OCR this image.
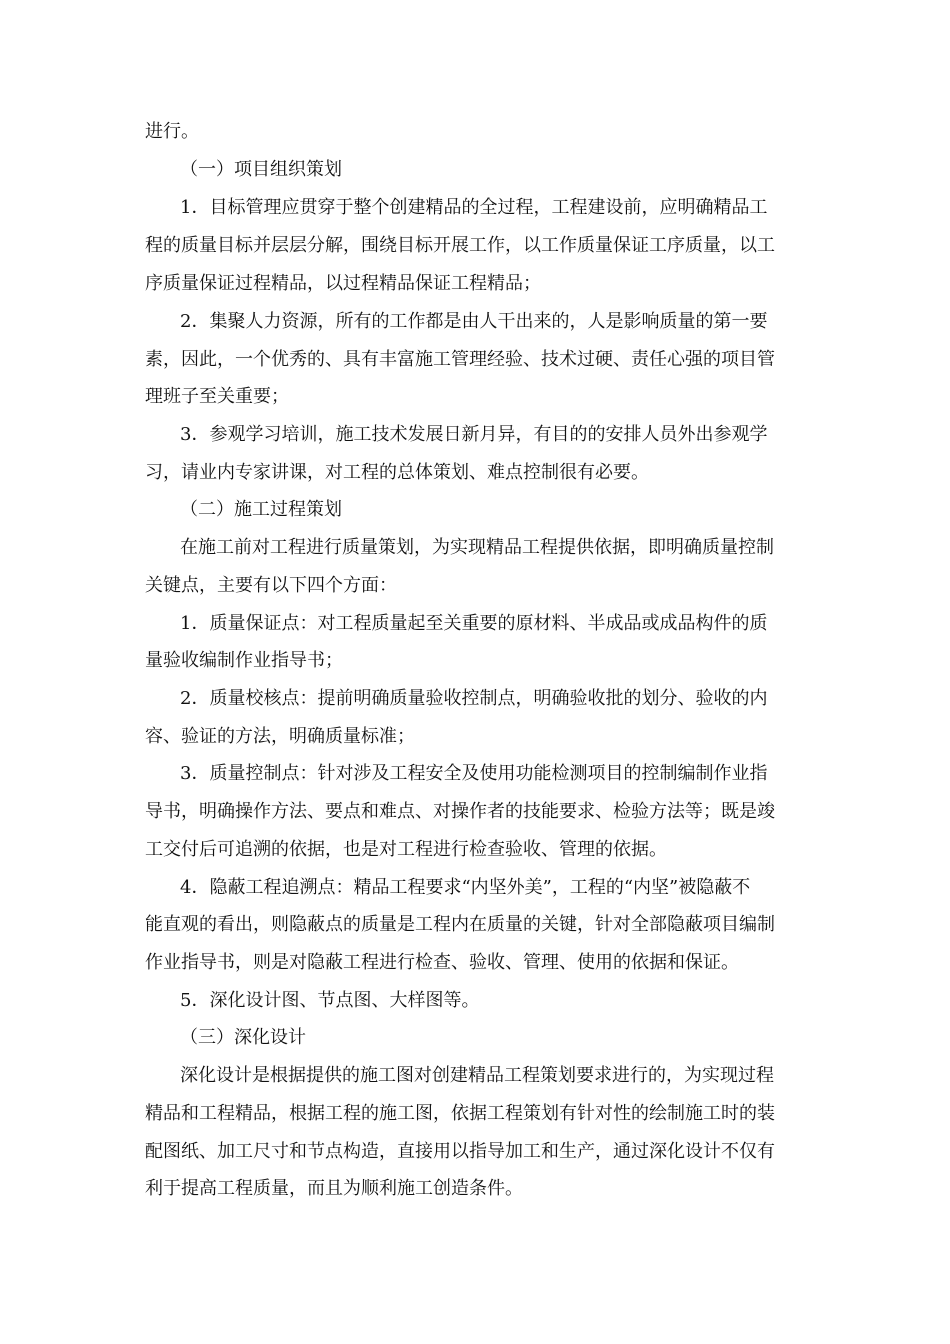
进行。
（一）项目组织策划
1．目标管理应贯穿于整个创建精品的全过程，工程建设前，应明确精品工
程的质量目标并层层分解，围绕目标开展工作，以工作质量保证工序质量，以工
序质量保证过程精品，以过程精品保证工程精品；
2．集聚人力资源，所有的工作都是由人干出来的，人是影响质量的第一要
素，因此，一个优秀的、具有丰富施工管理经验、技术过硬、责任心强的项目管
理班子至关重要；
3．参观学习培训，施工技术发展日新月异，有目的的安排人员外出参观学
习，请业内专家讲课，对工程的总体策划、难点控制很有必要。
（二）施工过程策划
在施工前对工程进行质量策划，为实现精品工程提供依据，即明确质量控制
关键点，主要有以下四个方面：
1．质量保证点：对工程质量起至关重要的原材料、半成品或成品构件的质
量验收编制作业指导书；
2．质量校核点：提前明确质量验收控制点，明确验收批的划分、验收的内
容、验证的方法，明确质量标准；
3．质量控制点：针对涉及工程安全及使用功能检测项目的控制编制作业指
导书，明确操作方法、要点和难点、对操作者的技能要求、检验方法等；既是竣
工交付后可追溯的依据，也是对工程进行检查验收、管理的依据。
4．隐蔽工程追溯点：精品工程要求“内坚外美”，工程的“内坚”被隐蔽不
能直观的看出，则隐蔽点的质量是工程内在质量的关键，针对全部隐蔽项目编制
作业指导书，则是对隐蔽工程进行检查、验收、管理、使用的依据和保证。
5．深化设计图、节点图、大样图等。
（三）深化设计
深化设计是根据提供的施工图对创建精品工程策划要求进行的，为实现过程
精品和工程精品，根据工程的施工图，依据工程策划有针对性的绘制施工时的装
配图纸、加工尺寸和节点构造，直接用以指导加工和生产，通过深化设计不仅有
利于提高工程质量，而且为顺利施工创造条件。
